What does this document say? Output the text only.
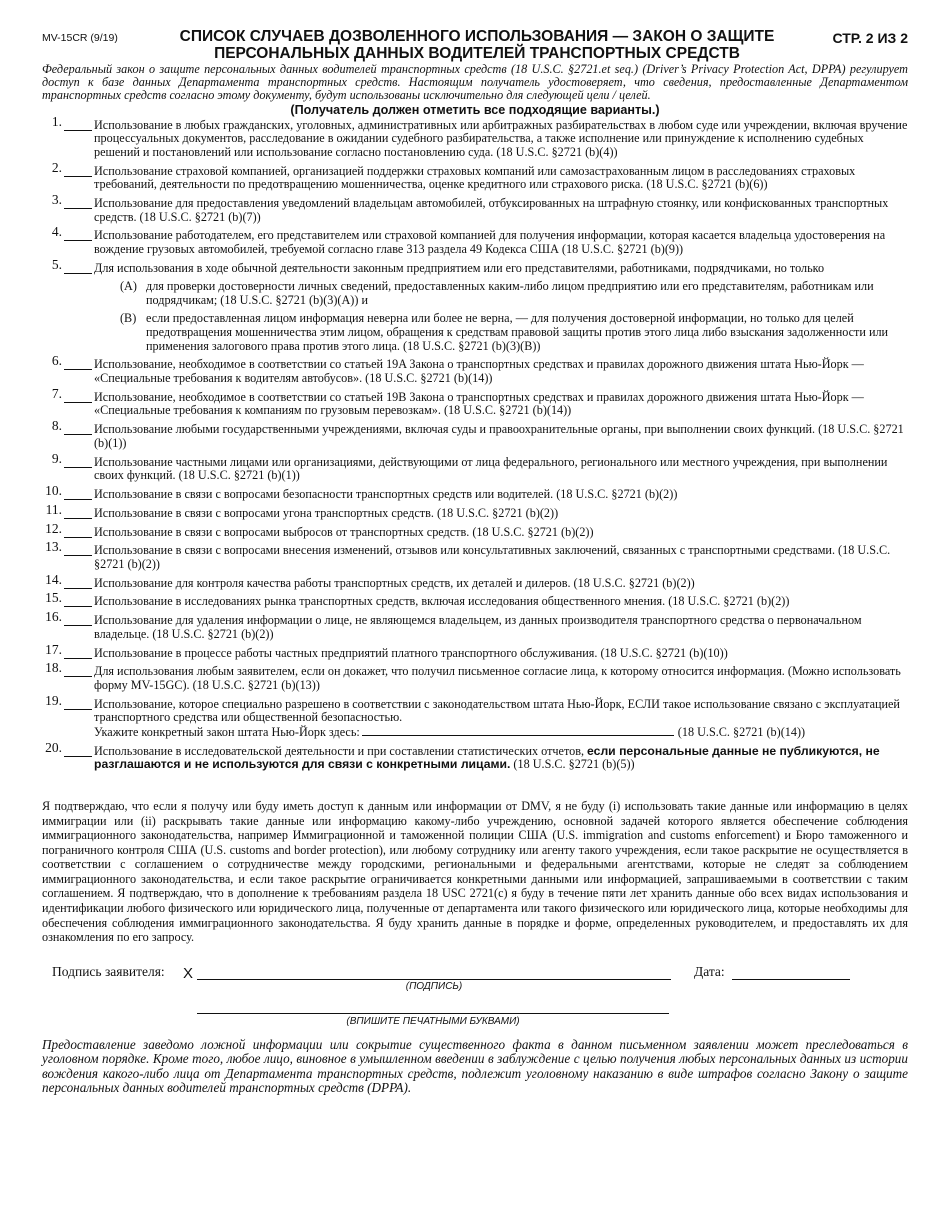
MV-15CR (9/19)	СПИСОК СЛУЧАЕВ ДОЗВОЛЕННОГО ИСПОЛЬЗОВАНИЯ — ЗАКОН О ЗАЩИТЕ ПЕРСОНАЛЬНЫХ ДАННЫХ ВОДИТЕЛЕЙ ТРАНСПОРТНЫХ СРЕДСТВ
СТР. 2 ИЗ 2
Федеральный закон о защите персональных данных водителей транспортных средств (18 U.S.C. §2721.et seq.) (Driver’s Privacy Protection Act, DPPA) регулирует доступ к базе данных Департамента транспортных средств. Настоящим получатель удостоверяет, что сведения, предоставленные Департаментом транспортных средств согласно этому документу, будут использованы исключительно для следующей цели / целей.
(Получатель должен отметить все подходящие варианты.)
1.	Использование в любых гражданских, уголовных, административных или арбитражных разбирательствах в любом суде или учреждении, включая вручение процессуальных документов, расследование в ожидании судебного разбирательства, а также исполнение или принуждение к исполнению судебных решений и постановлений или использование согласно постановлению суда. (18 U.S.C. §2721 (b)(4))
2.	Использование страховой компанией, организацией поддержки страховых компаний или самозастрахованным лицом в расследованиях страховых требований, деятельности по предотвращению мошенничества, оценке кредитного или страхового риска. (18 U.S.C. §2721 (b)(6))
3.	Использование для предоставления уведомлений владельцам автомобилей, отбуксированных на штрафную стоянку, или конфискованных транспортных средств. (18 U.S.C. §2721 (b)(7))
4.	Использование работодателем, его представителем или страховой компанией для получения информации, которая касается владельца удостоверения на вождение грузовых автомобилей, требуемой согласно главе 313 раздела 49 Кодекса США (18 U.S.C. §2721 (b)(9))
5.	Для использования в ходе обычной деятельности законным предприятием или его представителями, работниками, подрядчиками, но только
(A) для проверки достоверности личных сведений, предоставленных каким-либо лицом предприятию или его представителям, работникам или подрядчикам; (18 U.S.C. §2721 (b)(3)(A)) и
(B) если предоставленная лицом информация неверна или более не верна, — для получения достоверной информации, но только для целей предотвращения мошенничества этим лицом, обращения к средствам правовой защиты против этого лица либо взыскания задолженности или применения залогового права против этого лица. (18 U.S.C. §2721 (b)(3)(B))
6.	Использование, необходимое в соответствии со статьей 19A Закона о транспортных средствах и правилах дорожного движения штата Нью-Йорк — «Специальные требования к водителям автобусов». (18 U.S.C. §2721 (b)(14))
7.	Использование, необходимое в соответствии со статьей 19B Закона о транспортных средствах и правилах дорожного движения штата Нью-Йорк — «Специальные требования к компаниям по грузовым перевозкам». (18 U.S.C. §2721 (b)(14))
8.	Использование любыми государственными учреждениями, включая суды и правоохранительные органы, при выполнении своих функций. (18 U.S.C. §2721 (b)(1))
9.	Использование частными лицами или организациями, действующими от лица федерального, регионального или местного учреждения, при выполнении своих функций. (18 U.S.C. §2721 (b)(1))
10.	Использование в связи с вопросами безопасности транспортных средств или водителей. (18 U.S.C. §2721 (b)(2))
11.	Использование в связи с вопросами угона транспортных средств. (18 U.S.C. §2721 (b)(2))
12.	Использование в связи с вопросами выбросов от транспортных средств. (18 U.S.C. §2721 (b)(2))
13.	Использование в связи с вопросами внесения изменений, отзывов или консультативных заключений, связанных с транспортными средствами. (18 U.S.C. §2721 (b)(2))
14.	Использование для контроля качества работы транспортных средств, их деталей и дилеров. (18 U.S.C. §2721 (b)(2))
15.	Использование в исследованиях рынка транспортных средств, включая исследования общественного мнения. (18 U.S.C. §2721 (b)(2))
16.	Использование для удаления информации о лице, не являющемся владельцем, из данных производителя транспортного средства о первоначальном владельце. (18 U.S.C. §2721 (b)(2))
17.	Использование в процессе работы частных предприятий платного транспортного обслуживания. (18 U.S.C. §2721 (b)(10))
18.	Для использования любым заявителем, если он докажет, что получил письменное согласие лица, к которому относится информация. (Можно использовать форму MV-15GC). (18 U.S.C. §2721 (b)(13))
19.	Использование, которое специально разрешено в соответствии с законодательством штата Нью-Йорк, ЕСЛИ такое использование связано с эксплуатацией транспортного средства или общественной безопасностью.
Укажите конкретный закон штата Нью-Йорк здесь:	(18 U.S.C. §2721 (b)(14))
20.	Использование в исследовательской деятельности и при составлении статистических отчетов, если персональные данные не публикуются, не разглашаются и не используются для связи с конкретными лицами. (18 U.S.C. §2721 (b)(5))
Я подтверждаю, что если я получу или буду иметь доступ к данным или информации от DMV, я не буду (i) использовать такие данные или информацию в целях иммиграции или (ii) раскрывать такие данные или информацию какому-либо учреждению, основной задачей которого является обеспечение соблюдения иммиграционного законодательства, например Иммиграционной и таможенной полиции США (U.S. immigration and customs enforcement) и Бюро таможенного и пограничного контроля США (U.S. customs and border protection), или любому сотруднику или агенту такого учреждения, если такое раскрытие не осуществляется в соответствии с соглашением о сотрудничестве между городскими, региональными и федеральными агентствами, которые не следят за соблюдением иммиграционного законодательства, и если такое раскрытие ограничивается конкретными данными или информацией, запрашиваемыми в соответствии с таким соглашением. Я подтверждаю, что в дополнение к требованиям раздела 18 USC 2721(c) я буду в течение пяти лет хранить данные обо всех видах использования и идентификации любого физического или юридического лица, полученные от департамента или такого физического или юридического лица, которые необходимы для обеспечения соблюдения иммиграционного законодательства. Я буду хранить данные в порядке и форме, определенных руководителем, и предоставлять их для ознакомления по его запросу.
Подпись заявителя: X
(ПОДПИСЬ)
Дата:
(ВПИШИТЕ ПЕЧАТНЫМИ БУКВАМИ)
Предоставление заведомо ложной информации или сокрытие существенного факта в данном письменном заявлении может преследоваться в уголовном порядке. Кроме того, любое лицо, виновное в умышленном введении в заблуждение с целью получения любых персональных данных из истории вождения какого-либо лица от Департамента транспортных средств, подлежит уголовному наказанию в виде штрафов согласно Закону о защите персональных данных водителей транспортных средств (DPPA).
